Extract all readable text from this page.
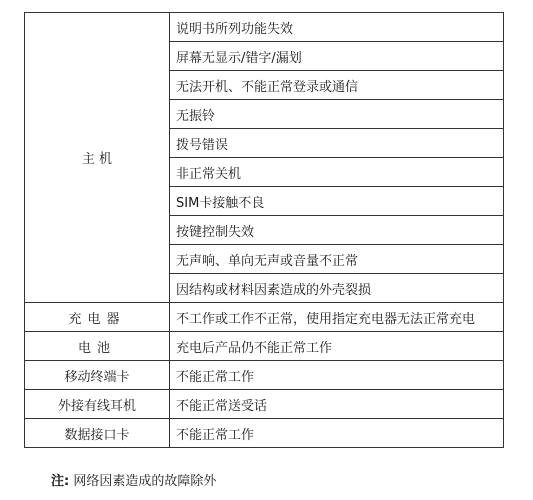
主 机	说明书所列功能失效
	屏幕无显示/错字/漏划
	无法开机、不能正常登录或通信
	无振铃
	拨号错误
	非正常关机
	SIM卡接触不良
	按键控制失效
	无声响、单向无声或音量不正常
	因结构或材料因素造成的外壳裂损
充电器	不工作或工作不正常，使用指定充电器无法正常充电
电池	充电后产品仍不能正常工作
移动终端卡	不能正常工作
外接有线耳机	不能正常送受话
数据接口卡	不能正常工作
注: 网络因素造成的故障除外
